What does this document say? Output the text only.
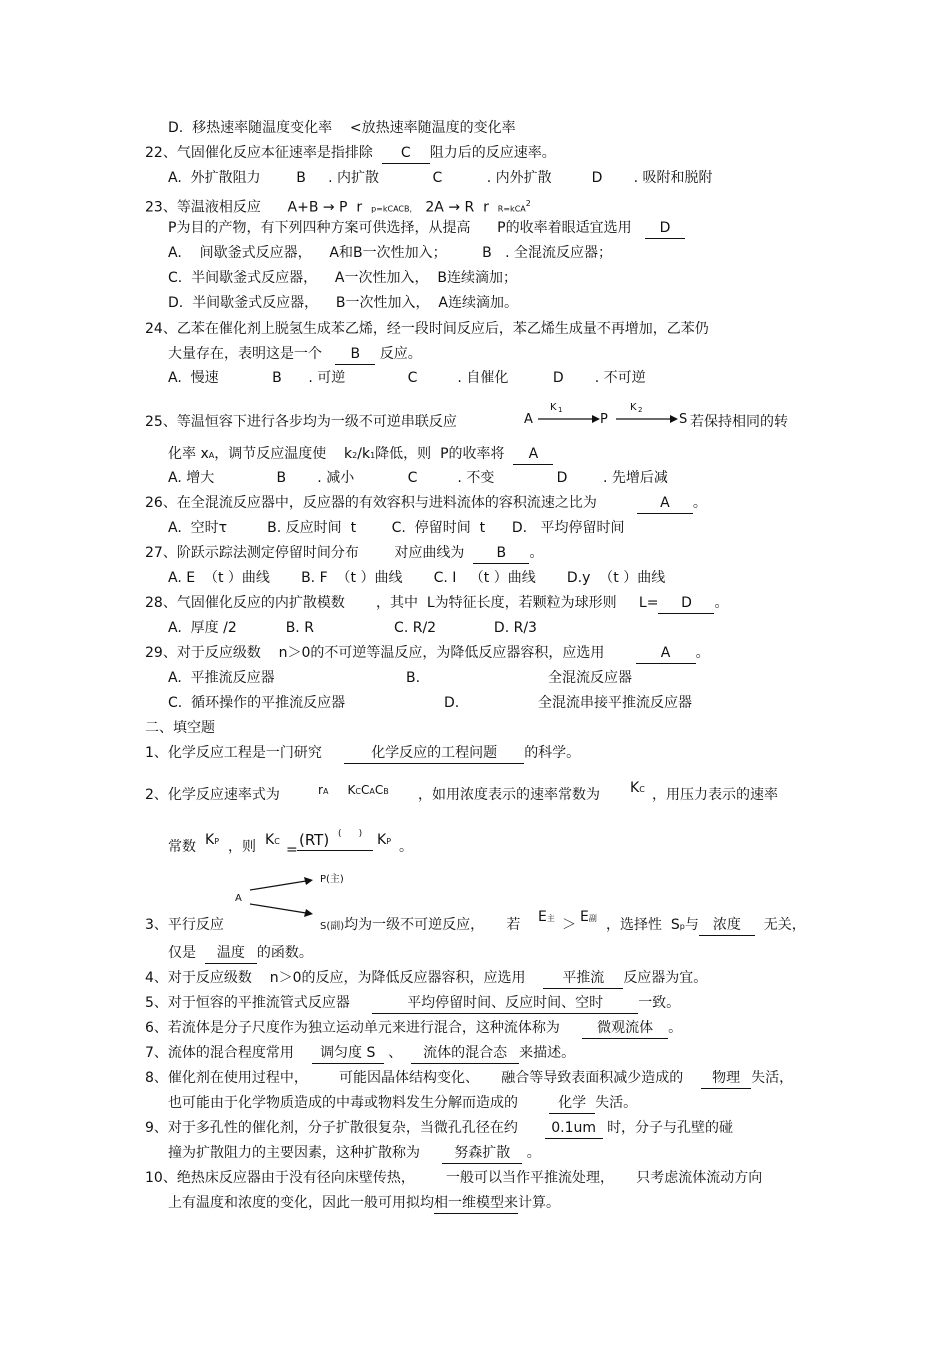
D.  移热速率随温度变化率    <放热速率随温度的变化率
22、气固催化反应本征速率是指排除 C 阻力后的反应速率。
A.  外扩散阻力        B     . 内扩散            C          . 内外扩散         D       . 吸附和脱附
23、等温液相反应      A+B → P  r  p=kCACB,   2A → R  r  R=kCA$^2$
P为目的产物，有下列四种方案可供选择，从提高      P的收率着眼适宜选用 D
A.    间歇釜式反应器，    A和B一次性加入；        B   . 全混流反应器；
C.  半间歇釜式反应器，    A一次性加入，  B连续滴加；
D.  半间歇釜式反应器，    B一次性加入，  A连续滴加。
24、乙苯在催化剂上脱氢生成苯乙烯，经一段时间反应后，苯乙烯生成量不再增加，乙苯仍
大量存在，表明这是一个 B 反应。
A.  慢速            B      . 可逆              C         . 自催化          D       . 不可逆
25、等温恒容下进行各步均为一级不可逆串联反应	A
K 1
P
K 2
S 若保持相同的转
化率 xA，调节反应温度使    k2/k1降低，则  P的收率将 A
A. 增大              B       . 减小            C         . 不变              D        . 先增后减
26、在全混流反应器中，反应器的有效容积与进料流体的容积流速之比为	A 。
A.  空时τ         B. 反应时间  t        C.  停留时间  t      D.   平均停留时间
27、阶跃示踪法测定停留时间分布        对应曲线为 B 。
A. E  （t ）曲线       B. F  （t ）曲线       C. I   （t ）曲线       D.y  （t ）曲线
28、气固催化反应的内扩散模数       ，其中  L为特征长度，若颗粒为球形则     L= D 。
A.  厚度 /2           B. R                  C. R/2             D. R/3
29、对于反应级数    n＞0的不可逆等温反应，为降低反应器容积，应选用	A 。
A.  平推流反应器	B.	全混流反应器
C.  循环操作的平推流反应器	D.	全混流串接平推流反应器
二、填空题
1、化学反应工程是一门研究	化学反应的工程问题 的科学。
2、化学反应速率式为	rA KCCACB ，如用浓度表示的速率常数为 KC ，用压力表示的速率
常数 KP ，则 KC
=
(RT) (      ) KP 。
A
P(主)
3、平行反应	S(副)均为一级不可逆反应，     若 E主 ＞ E副 ，选择性  Sp与 浓度 无关，
仅是 温度 的函数。
4、对于反应级数    n＞0的反应，为降低反应器容积，应选用	平推流 反应器为宜。
5、对于恒容的平推流管式反应器	平均停留时间、反应时间、空时	一致。
6、若流体是分子尺度作为独立运动单元来进行混合，这种流体称为	微观流体 。
7、流体的混合程度常用 调匀度 S 、 流体的混合态 来描述。
8、催化剂在使用过程中，       可能因晶体结构变化、     融合等导致表面积减少造成的 物理 失活，
也可能由于化学物质造成的中毒或物料发生分解而造成的	化学 失活。
9、对于多孔性的催化剂，分子扩散很复杂，当微孔孔径在约 0.1um 时，分子与孔壁的碰
撞为扩散阻力的主要因素，这种扩散称为 努森扩散 。
10、绝热床反应器由于没有径向床壁传热，       一般可以当作平推流处理，     只考虑流体流动方向
上有温度和浓度的变化，因此一般可用拟均相一维模型来计算。
